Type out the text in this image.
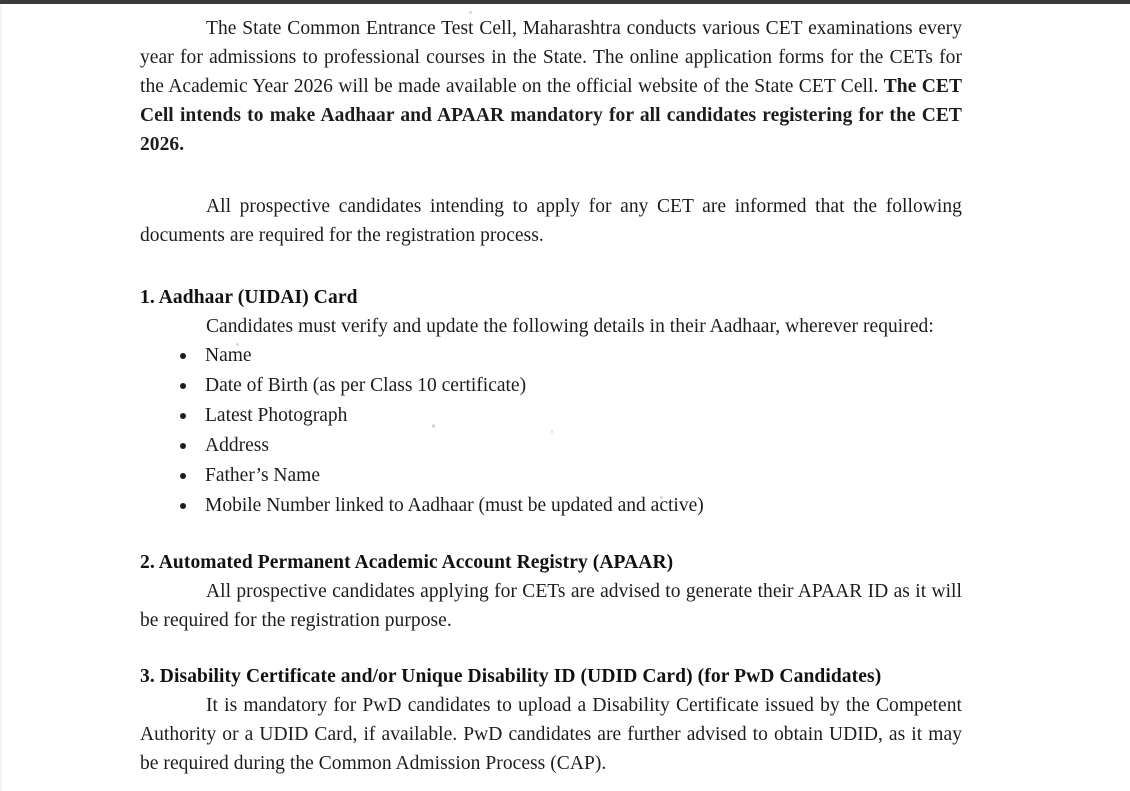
The State Common Entrance Test Cell, Maharashtra conducts various CET examinations every year for admissions to professional courses in the State. The online application forms for the CETs for the Academic Year 2026 will be made available on the official website of the State CET Cell. The CET Cell intends to make Aadhaar and APAAR mandatory for all candidates registering for the CET 2026.

All prospective candidates intending to apply for any CET are informed that the following documents are required for the registration process.

1. Aadhaar (UIDAI) Card

Candidates must verify and update the following details in their Aadhaar, wherever required:

Name
Date of Birth (as per Class 10 certificate)
Latest Photograph
Address
Father’s Name
Mobile Number linked to Aadhaar (must be updated and active)
2. Automated Permanent Academic Account Registry (APAAR)

All prospective candidates applying for CETs are advised to generate their APAAR ID as it will be required for the registration purpose.

3. Disability Certificate and/or Unique Disability ID (UDID Card) (for PwD Candidates)

It is mandatory for PwD candidates to upload a Disability Certificate issued by the Competent Authority or a UDID Card, if available. PwD candidates are further advised to obtain UDID, as it may be required during the Common Admission Process (CAP).
